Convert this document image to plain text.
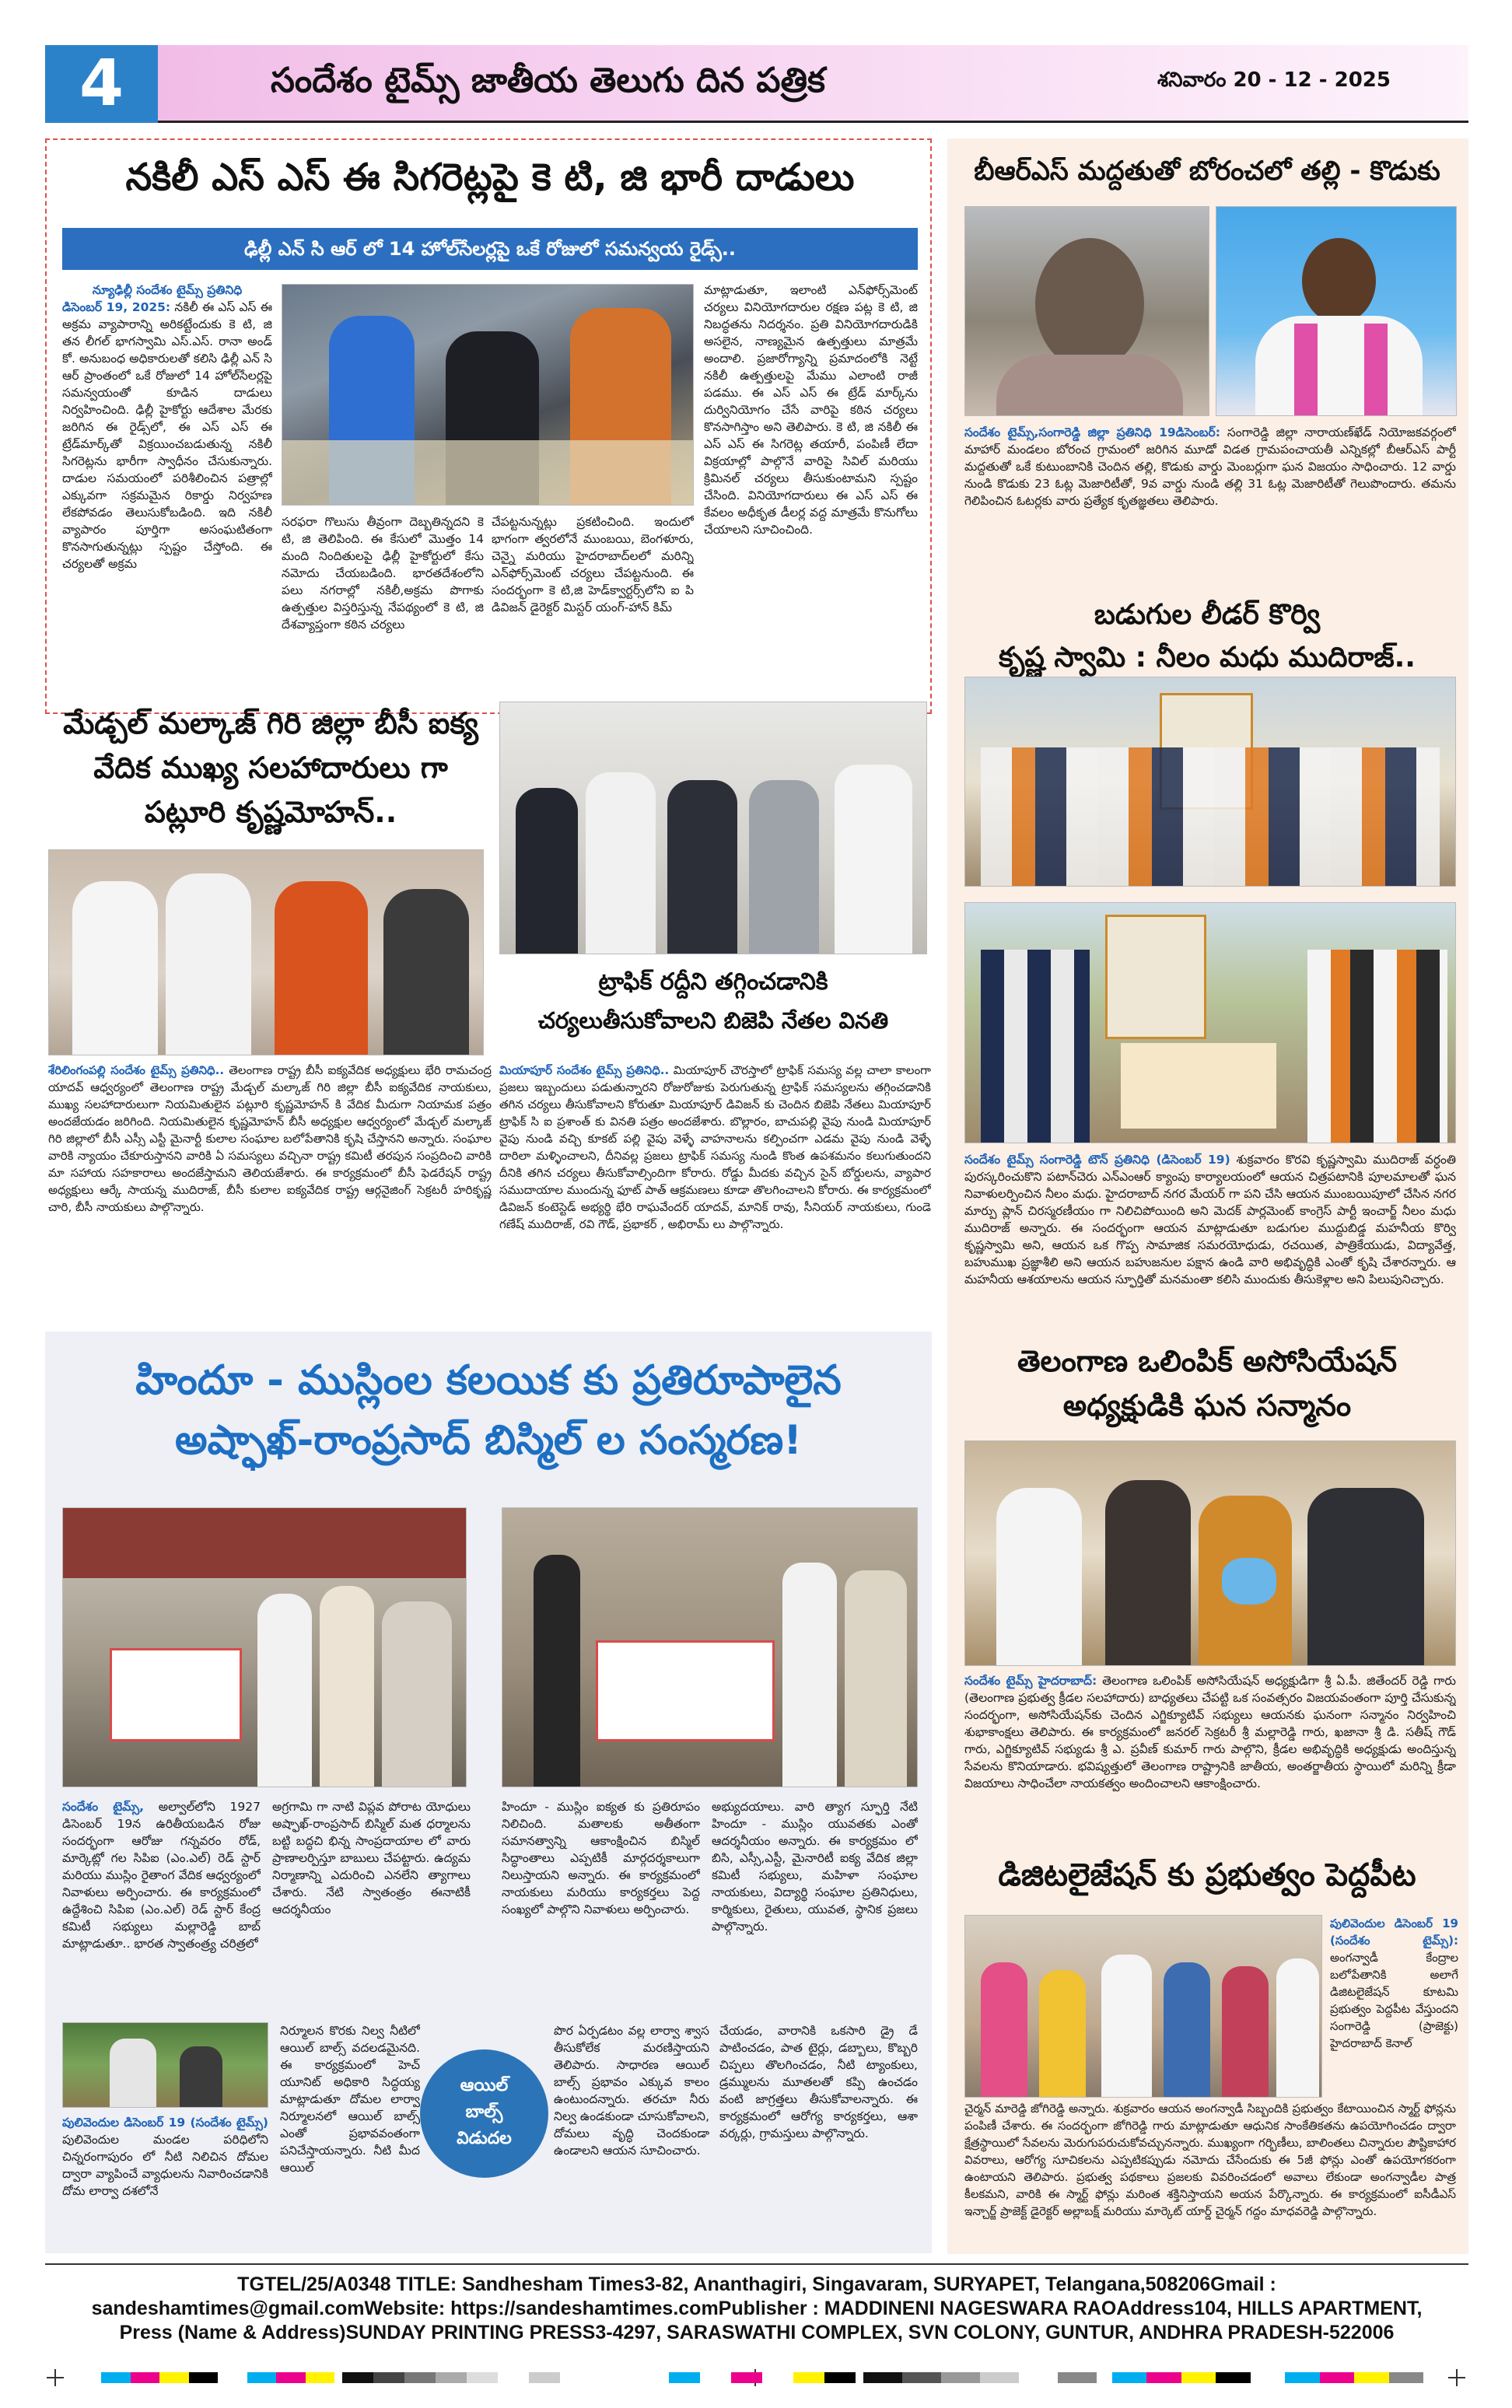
4	సందేశం టైమ్స్ జాతీయ తెలుగు దిన పత్రిక	శనివారం 20 - 12 - 2025
నకిలీ ఎస్ ఎస్ ఈ సిగరెట్లపై కె టి, జి భారీ దాడులు
ఢిల్లీ ఎన్ సి ఆర్ లో 14 హోల్‌సేలర్లపై ఒకే రోజులో సమన్వయ రైడ్స్..
న్యూఢిల్లీ సందేశం టైమ్స్ ప్రతినిధి
డిసెంబర్ 19, 2025: నకిలీ ఈ ఎస్ ఎస్ ఈ అక్రమ వ్యాపారాన్ని అరికట్టేందుకు కె టి, జి తన లీగల్ భాగస్వామి ఎస్.ఎస్. రానా అండ్ కో. అనుబంధ అధికారులతో కలిసి ఢిల్లీ ఎన్ సి ఆర్ ప్రాంతంలో ఒకే రోజులో 14 హోల్‌సేలర్లపై సమన్వయంతో కూడిన దాడులు నిర్వహించింది. ఢిల్లీ హైకోర్టు ఆదేశాల మేరకు జరిగిన ఈ రైడ్స్‌లో, ఈ ఎస్ ఎస్ ఈ ట్రేడ్‌మార్క్‌తో విక్రయించబడుతున్న నకిలీ సిగరెట్లను భారీగా స్వాధీనం చేసుకున్నారు. దాడుల సమయంలో పరిశీలించిన పత్రాల్లో ఎక్కువగా సక్రమమైన రికార్డు నిర్వహణ లేకపోవడం తెలుసుకోబడింది. ఇది నకిలీ వ్యాపారం పూర్తిగా అసంఘటితంగా కొనసాగుతున్నట్లు స్పష్టం చేస్తోంది. ఈ చర్యలతో అక్రమ
సరఫరా గొలుసు తీవ్రంగా దెబ్బతిన్నదని కె టి, జి తెలిపింది. ఈ కేసులో మొత్తం 14 మంది నిందితులపై ఢిల్లీ హైకోర్టులో కేసు నమోదు చేయబడింది. భారతదేశంలోని పలు నగరాల్లో నకిలీ,అక్రమ పొగాకు ఉత్పత్తుల విస్తరిస్తున్న నేపథ్యంలో కె టి, జి దేశవ్యాప్తంగా కఠిన చర్యలు
చేపట్టనున్నట్లు ప్రకటించింది. ఇందులో భాగంగా త్వరలోనే ముంబయి, బెంగళూరు, చెన్నై మరియు హైదరాబాద్‌లలో మరిన్ని ఎన్‌ఫోర్స్‌మెంట్ చర్యలు చేపట్టనుంది. ఈ సందర్భంగా కె టి,జి హెడ్‌క్వార్టర్స్‌లోని ఐ పి డివిజన్ డైరెక్టర్ మిస్టర్ యంగ్-హాన్ కిమ్
మాట్లాడుతూ, ఇలాంటి ఎన్‌ఫోర్స్‌మెంట్ చర్యలు వినియోగదారుల రక్షణ పట్ల కె టి, జి నిబద్ధతను నిదర్శనం. ప్రతి వినియోగదారుడికి అసలైన, నాణ్యమైన ఉత్పత్తులు మాత్రమే అందాలి. ప్రజారోగ్యాన్ని ప్రమాదంలోకి నెట్టే నకిలీ ఉత్పత్తులపై మేము ఎలాంటి రాజీ పడము. ఈ ఎస్ ఎస్ ఈ ట్రేడ్ మార్క్‌ను దుర్వినియోగం చేసే వారిపై కఠిన చర్యలు కొనసాగిస్తాం అని తెలిపారు. కె టి, జి నకిలీ ఈ ఎస్ ఎస్ ఈ సిగరెట్ల తయారీ, పంపిణీ లేదా విక్రయాల్లో పాల్గొనే వారిపై సివిల్ మరియు క్రిమినల్ చర్యలు తీసుకుంటామని స్పష్టం చేసింది. వినియోగదారులు ఈ ఎస్ ఎస్ ఈ కేవలం అధీకృత డీలర్ల వద్ద మాత్రమే కొనుగోలు చేయాలని సూచించింది.
బీఆర్ఎస్ మద్దతుతో బోరంచలో తల్లి - కొడుకు
సందేశం టైమ్స్,సంగారెడ్డి జిల్లా ప్రతినిధి 19డిసెంబర్: సంగారెడ్డి జిల్లా నారాయణ్‌ఖేడ్ నియోజకవర్గంలో మాహార్ మండలం బోరంచ గ్రామంలో జరిగిన మూడో విడత గ్రామపంచాయతీ ఎన్నికల్లో బీఆర్ఎస్ పార్టీ మద్దతుతో ఒకే కుటుంబానికి చెందిన తల్లి, కొడుకు వార్డు మెంబర్లుగా ఘన విజయం సాధించారు. 12 వార్డు నుండి కొడుకు 23 ఓట్ల మెజారిటీతో, 9వ వార్డు నుండి తల్లి 31 ఓట్ల మెజారిటీతో గెలుపొందారు. తమను గెలిపించిన ఓటర్లకు వారు ప్రత్యేక కృతజ్ఞతలు తెలిపారు.
బడుగుల లీడర్ కొర్వి
కృష్ణ స్వామి : నీలం మధు ముదిరాజ్..
సందేశం టైమ్స్ సంగారెడ్డి టౌన్ ప్రతినిధి (డిసెంబర్ 19) శుక్రవారం కొరవి కృష్ణస్వామి ముదిరాజ్ వర్ధంతి పురస్కరించుకొని పటాన్‌చెరు ఎన్‌ఎంఆర్ క్యాంపు కార్యాలయంలో ఆయన చిత్రపటానికి పూలమాలతో ఘన నివాళులర్పించిన నీలం మధు. హైదరాబాద్ నగర మేయర్ గా పని చేసి ఆయన ముంబయిపూలో చేసిన నగర మార్పు ప్లాన్ చిరస్మరణీయం గా నిలిచిపోయింది అని మెదక్ పార్లమెంట్ కాంగ్రెస్ పార్టీ ఇంచార్జ్ నీలం మధు ముదిరాజ్ అన్నారు. ఈ సందర్భంగా ఆయన మాట్లాడుతూ బడుగుల ముద్దుబిడ్డ మహనీయ కొర్వి కృష్ణస్వామి అని, ఆయన ఒక గొప్ప సామాజిక సమరయోధుడు, రచయిత, పాత్రికేయుడు, విద్యావేత్త, బహుముఖ ప్రజ్ఞాశీలి అని ఆయన బహుజనుల పక్షాన ఉండి వారి అభివృద్ధికి ఎంతో కృషి చేశారన్నారు. ఆ మహనీయ ఆశయాలను ఆయన స్ఫూర్తితో మనమంతా కలిసి ముందుకు తీసుకెళ్లాల అని పిలుపునిచ్చారు.
మేడ్చల్ మల్కాజ్ గిరి జిల్లా బీసీ ఐక్య
వేదిక ముఖ్య సలహాదారులు గా
పట్లూరి కృష్ణమోహన్..
శేరిలింగంపల్లి సందేశం టైమ్స్ ప్రతినిధి.. తెలంగాణ రాష్ట్ర బీసీ ఐక్యవేదిక అధ్యక్షులు భేరి రామచంద్ర యాదవ్ ఆధ్వర్యంలో తెలంగాణ రాష్ట్ర మేడ్చల్ మల్కాజ్ గిరి జిల్లా బీసీ ఐక్యవేదిక నాయకులు, ముఖ్య సలహాదారులుగా నియమితులైన పట్లూరి కృష్ణమోహన్ కి వేదిక మీదుగా నియామక పత్రం అందజేయడం జరిగింది. నియమితులైన కృష్ణమోహన్ బీసీ అధ్యక్షుల ఆధ్వర్యంలో మేడ్చల్ మల్కాజ్ గిరి జిల్లాలో బీసీ ఎస్సీ ఎస్టీ మైనార్టీ కులాల సంఘాల బలోపేతానికి కృషి చేస్తానని అన్నారు. సంఘాల వారికి న్యాయం చేకూరుస్తానని వారికి ఏ సమస్యలు వచ్చినా రాష్ట్ర కమిటీ తరపున సంప్రదించి వారికి మా సహాయ సహకారాలు అందజేస్తామని తెలియజేశారు. ఈ కార్యక్రమంలో బీసీ ఫెడరేషన్ రాష్ట్ర అధ్యక్షులు ఆర్కే సాయన్న ముదిరాజ్, బీసీ కులాల ఐక్యవేదిక రాష్ట్ర ఆర్గనైజింగ్ సెక్రటరీ హరికృష్ణ చారి, బీసీ నాయకులు పాల్గొన్నారు.
ట్రాఫిక్ రద్దీని తగ్గించడానికి
చర్యలుతీసుకోవాలని బిజెపి నేతల వినతి
మియాపూర్ సందేశం టైమ్స్ ప్రతినిధి.. మియాపూర్ చౌరస్తాలో ట్రాఫిక్ సమస్య వల్ల చాలా కాలంగా ప్రజలు ఇబ్బందులు పడుతున్నారని రోజురోజుకు పెరుగుతున్న ట్రాఫిక్ సమస్యలను తగ్గించడానికి తగిన చర్యలు తీసుకోవాలని కోరుతూ మియాపూర్ డివిజన్ కు చెందిన బిజెపి నేతలు మియాపూర్ ట్రాఫిక్ సి ఐ ప్రశాంత్ కు వినతి పత్రం అందజేశారు. బొల్లారం, బాచుపల్లి వైపు నుండి మియాపూర్ వైపు నుండి వచ్చి కూకట్ పల్లి వైపు వెళ్ళే వాహనాలను కల్పించగా ఎడమ వైపు నుండి వెళ్ళే దారిలా మళ్ళించాలని, దీనివల్ల ప్రజలు ట్రాఫిక్ సమస్య నుండి కొంత ఉపశమనం కలుగుతుందని దీనికి తగిన చర్యలు తీసుకోవాల్సిందిగా కోరారు. రోడ్డు మీదకు వచ్చిన సైన్ బోర్డులను, వ్యాపార సముదాయాల ముందున్న ఫూట్ పాత్ ఆక్రమణలు కూడా తొలగించాలని కోరారు. ఈ కార్యక్రమంలో డివిజన్ కంటెస్టెడ్ అభ్యర్థి భేరి రాఘవేందర్ యాదవ్, మానిక్ రావు, సీనియర్ నాయకులు, గుండె గణేష్ ముదిరాజ్, రవి గౌడ్, ప్రభాకర్ , అభిరామ్ లు పాల్గొన్నారు.
తెలంగాణ ఒలింపిక్ అసోసియేషన్
అధ్యక్షుడికి ఘన సన్మానం
సందేశం టైమ్స్ హైదరాబాద్: తెలంగాణ ఒలింపిక్ అసోసియేషన్ అధ్యక్షుడిగా శ్రీ ఏ.పీ. జితేందర్ రెడ్డి గారు (తెలంగాణ ప్రభుత్వ క్రీడల సలహాదారు) బాధ్యతలు చేపట్టి ఒక సంవత్సరం విజయవంతంగా పూర్తి చేసుకున్న సందర్భంగా, అసోసియేషన్‌కు చెందిన ఎగ్జిక్యూటివ్ సభ్యులు ఆయనకు ఘనంగా సన్మానం నిర్వహించి శుభాకాంక్షలు తెలిపారు. ఈ కార్యక్రమంలో జనరల్ సెక్రటరీ శ్రీ మల్లారెడ్డి గారు, ఖజానా శ్రీ డి. సతీష్ గౌడ్ గారు, ఎగ్జిక్యూటివ్ సభ్యుడు శ్రీ ఎ. ప్రవీణ్ కుమార్ గారు పాల్గొని, క్రీడల అభివృద్ధికి అధ్యక్షుడు అందిస్తున్న సేవలను కొనియాడారు. భవిష్యత్తులో తెలంగాణ రాష్ట్రానికి జాతీయ, అంతర్జాతీయ స్థాయిలో మరిన్ని క్రీడా విజయాలు సాధించేలా నాయకత్వం అందించాలని ఆకాంక్షించారు.
డిజిటలైజేషన్ కు ప్రభుత్వం పెద్దపీట
పులివెందుల డిసెంబర్ 19 (సందేశం టైమ్స్): అంగన్వాడీ కేంద్రాల బలోపేతానికి అలాగే డిజిటలైజేషన్ కూటమి ప్రభుత్వం పెద్దపీట వేస్తుందని సంగారెడ్డి (ప్రాజెక్టు) హైదరాబాద్ కెనాల్
చైర్మన్ మారెడ్డి జోగిరెడ్డి అన్నారు. శుక్రవారం ఆయన అంగన్వాడీ సిబ్బందికి ప్రభుత్వం కేటాయించిన స్మార్ట్ ఫోన్లను పంపిణీ చేశారు. ఈ సందర్భంగా జోగిరెడ్డి గారు మాట్లాడుతూ ఆధునిక సాంకేతికతను ఉపయోగించడం ద్వారా క్షేత్రస్థాయిలో సేవలను మెరుగుపరుచుకోవచ్చునన్నారు. ముఖ్యంగా గర్భిణీలు, బాలింతలు చిన్నారుల పౌష్టికాహార వివరాలు, ఆరోగ్య సూచికలను ఎప్పటికప్పుడు నమోదు చేసేందుకు ఈ 5జీ ఫోన్లు ఎంతో ఉపయోగకరంగా ఉంటాయని తెలిపారు. ప్రభుత్వ పథకాలు ప్రజలకు వివరించడంలో అవాలు లేకుండా అంగన్వాడీల పాత్ర కీలకమని, వారికి ఈ స్మార్ట్ ఫోన్లు మరింత శక్తినిస్తాయని అయన పేర్కొన్నారు. ఈ కార్యక్రమంలో ఐసీడీఎస్ ఇన్చార్జ్ ప్రాజెక్ట్ డైరెక్టర్ అల్లాబక్ష్ మరియు మార్కెట్ యార్డ్ చైర్మన్ గద్దం మాధవరెడ్డి పాల్గొన్నారు.
హిందూ - ముస్లింల కలయిక కు ప్రతిరూపాలైన
అష్ఫాఖ్-రాంప్రసాద్ బిస్మిల్ ల సంస్మరణ!
సందేశం టైమ్స్, అల్వాల్‌లోని 1927 డిసెంబర్ 19న ఉరితీయబడిన రోజు సందర్భంగా ఆరోజు గన్నవరం రోడ్, మార్కెట్లో గల సిపిఐ (ఎం.ఎల్) రెడ్ స్టార్ మరియు ముస్లిం రైతాంగ వేదిక ఆధ్వర్యంలో నివాళులు అర్పించారు. ఈ కార్యక్రమంలో ఉద్దేశించి సిపిఐ (ఎం.ఎల్) రెడ్ స్టార్ కేంద్ర కమిటీ సభ్యులు మల్లారెడ్డి బాబ్ మాట్లాడుతూ.. భారత స్వాతంత్ర్య చరిత్రలో
అగ్రగామి గా నాటి విప్లవ పోరాట యోధులు అష్ఫాఖ్-రాంప్రసాద్ బిస్మిల్ మత ధర్మాలను బట్టి బద్ధచి భిన్న సాంప్రదాయాల లో వారు ప్రాణాలర్పిస్తూ బాబులు చేపట్టారు. ఉద్యమ నిర్మాణాన్ని ఎదురించి ఎనలేని త్యాగాలు చేశారు. నేటి స్వాతంత్రం ఈనాటికీ ఆదర్శనీయం
హిందూ - ముస్లిం ఐక్యత కు ప్రతిరూపం నిలిచింది. మతాలకు అతీతంగా సమానత్వాన్ని ఆకాంక్షించిన బిస్మిల్ సిద్ధాంతాలు ఎప్పటికీ మార్గదర్శకాలుగా నిలుస్తాయని అన్నారు. ఈ కార్యక్రమంలో నాయకులు మరియు కార్యకర్తలు పెద్ద సంఖ్యలో పాల్గొని నివాళులు అర్పించారు.
అభ్యుదయాలు. వారి త్యాగ స్ఫూర్తి నేటి హిందూ - ముస్లిం యువతకు ఎంతో ఆదర్శనీయం అన్నారు. ఈ కార్యక్రమం లో బిసి, ఎస్సీ,ఎస్టీ, మైనారిటీ ఐక్య వేదిక జిల్లా కమిటీ సభ్యులు, మహిళా సంఘాల నాయకులు, విద్యార్థి సంఘాల ప్రతినిధులు, కార్మికులు, రైతులు, యువత, స్థానిక ప్రజలు పాల్గొన్నారు.
పులివెందుల డిసెంబర్ 19 (సందేశం టైమ్స్) పులివెందుల మండల పరిధిలోని చిన్నరంగాపురం లో నీటి నిలిచిన దోమల ద్వారా వ్యాపించే వ్యాధులను నివారించడానికి దోమ లార్వా దశలోనే
నిర్మూలన కొరకు నిల్వ నీటిలో ఆయిల్ బాల్స్ వదలడమైనది. ఈ కార్యక్రమంలో హెచ్ యూనిట్ అధికారి సిద్ధయ్య మాట్లాడుతూ దోమల లార్వా నిర్మూలనలో ఆయిల్ బాల్స్ ఎంతో ప్రభావవంతంగా పనిచేస్తాయన్నారు. నీటి మీద ఆయిల్
ఆయిల్
బాల్స్
విడుదల
పొర ఏర్పడటం వల్ల లార్వా శ్వాస తీసుకోలేక మరణిస్తాయని తెలిపారు. సాధారణ ఆయిల్ బాల్స్ ప్రభావం ఎక్కువ కాలం ఉంటుందన్నారు. తరచూ నీరు నిల్వ ఉండకుండా చూసుకోవాలని, దోమలు వృద్ధి చెందకుండా ఉండాలని ఆయన సూచించారు.
చేయడం, వారానికి ఒకసారి డ్రై డే పాటించడం, పాత టైర్లు, డబ్బాలు, కొబ్బరి చిప్పలు తొలగించడం, నీటి ట్యాంకులు, డ్రమ్ములను మూతలతో కప్పి ఉంచడం వంటి జాగ్రత్తలు తీసుకోవాలన్నారు. ఈ కార్యక్రమంలో ఆరోగ్య కార్యకర్తలు, ఆశా వర్కర్లు, గ్రామస్తులు పాల్గొన్నారు.
TGTEL/25/A0348 TITLE: Sandhesham Times3-82, Ananthagiri, Singavaram, SURYAPET, Telangana,508206Gmail :
sandeshamtimes@gmail.comWebsite: https://sandeshamtimes.comPublisher : MADDINENI NAGESWARA RAOAddress104, HILLS APARTMENT,
Press (Name & Address)SUNDAY PRINTING PRESS3-4297, SARASWATHI COMPLEX, SVN COLONY, GUNTUR, ANDHRA PRADESH-522006
